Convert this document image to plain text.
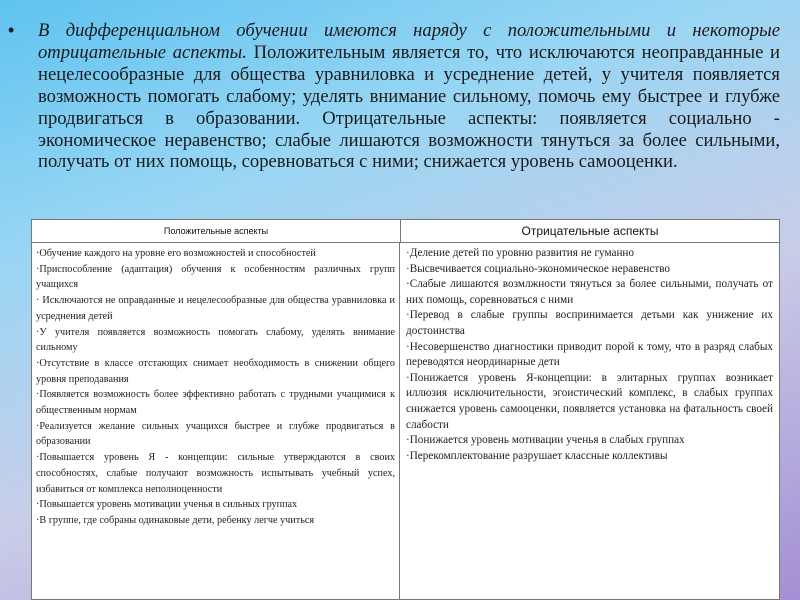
• В дифференциальном обучении имеются наряду с положительными и некоторые отрицательные аспекты. Положительным является то, что исключаются неоправданные и нецелесообразные для общества уравниловка и усреднение детей, у учителя появляется возможность помогать слабому; уделять внимание сильному, помочь ему быстрее и глубже продвигаться в образовании. Отрицательные аспекты: появляется социально - экономическое неравенство; слабые лишаются возможности тянуться за более сильными, получать от них помощь, соревноваться с ними; снижается уровень самооценки.
Положительные аспекты	Отрицательные аспекты
·Обучение каждого на уровне его возможностей и способностей
·Приспособление (адаптация) обучения к особенностям различных групп учащихся
· Исключаются не оправданные и нецелесообразные для общества уравниловка и усреднения детей
·У учителя появляется возможность помогать слабому, уделять внимание сильному
·Отсутствие в классе отстающих снимает необходимость в снижении общего уровня преподавания
·Появляется возможность более эффективно работать с трудными учащимися к общественным нормам
·Реализуется желание сильных учащихся быстрее и глубже продвигаться в образовании
·Повышается уровень Я - концепции: сильные утверждаются в своих способностях, слабые получают возможность испытывать учебный успех, избавиться от комплекса неполноценности
·Повышается уровень мотивации ученья в сильных группах
·В группе, где собраны одинаковые дети, ребенку легче учиться
·Деление детей по уровню развития не гуманно
·Высвечивается социально-экономическое неравенство
·Слабые лишаются возмлжности тянуться за более сильными, получать от них помощь, соревноваться с ними
·Перевод в слабые группы воспринимается детьми как унижение их достоинства
·Несовершенство диагностики приводит порой к тому, что в разряд слабых переводятся неординарные дети
·Понижается уровень Я-концепции: в элитарных группах возникает иллюзия исключительности, эгоистический комплекс, в слабых группах снижается уровень самооценки, появляется установка на фатальность своей слабости
·Понижается уровень мотивации ученья в слабых группах
·Перекомплектование разрушает классные коллективы
